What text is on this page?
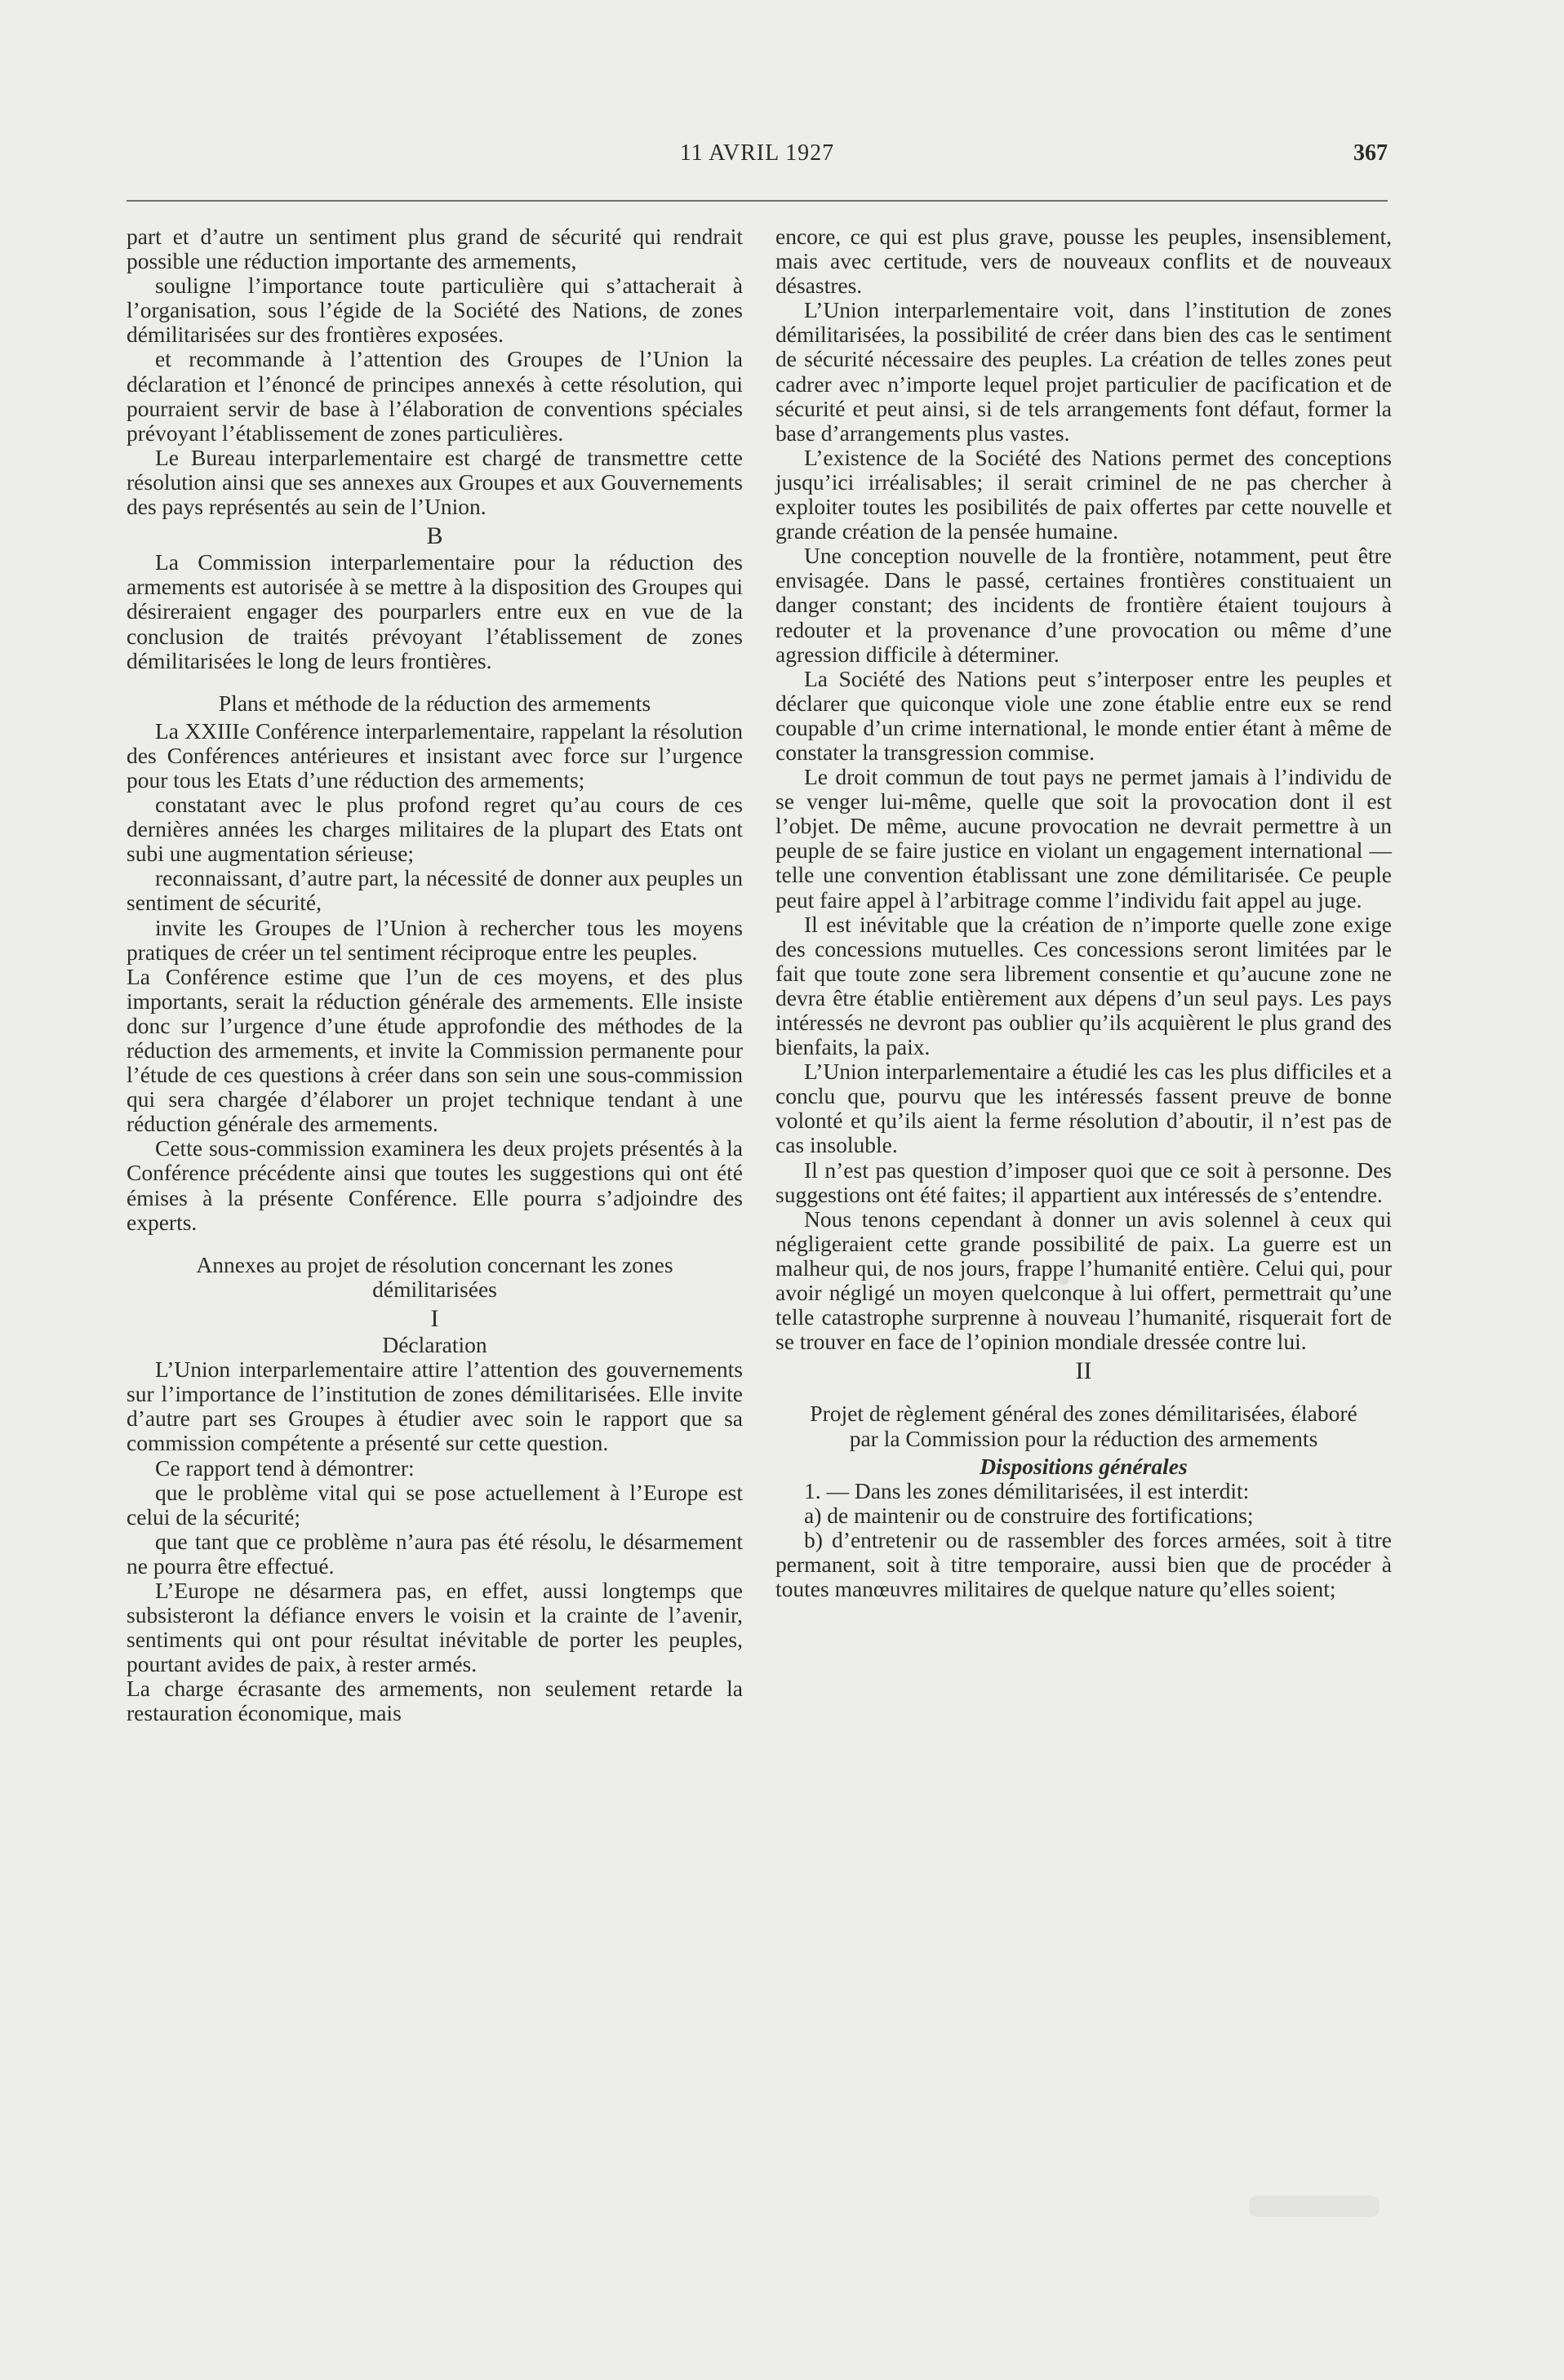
11 AVRIL 1927	367

part et d’autre un sentiment plus grand de sécurité qui rendrait possible une réduction importante des armements,

souligne l’importance toute particulière qui s’attacherait à l’organisation, sous l’égide de la Société des Nations, de zones démilitarisées sur des frontières exposées.

et recommande à l’attention des Groupes de l’Union la déclaration et l’énoncé de principes annexés à cette résolution, qui pourraient servir de base à l’élaboration de conventions spéciales prévoyant l’établissement de zones particulières.

Le Bureau interparlementaire est chargé de transmettre cette résolution ainsi que ses annexes aux Groupes et aux Gouvernements des pays représentés au sein de l’Union.

B

La Commission interparlementaire pour la réduction des armements est autorisée à se mettre à la disposition des Groupes qui désireraient engager des pourparlers entre eux en vue de la conclusion de traités prévoyant l’établissement de zones démilitarisées le long de leurs frontières.

Plans et méthode de la réduction des armements

La XXIIIe Conférence interparlementaire, rappelant la résolution des Conférences antérieures et insistant avec force sur l’urgence pour tous les Etats d’une réduction des armements;

constatant avec le plus profond regret qu’au cours de ces dernières années les charges militaires de la plupart des Etats ont subi une augmentation sérieuse;

reconnaissant, d’autre part, la nécessité de donner aux peuples un sentiment de sécurité,

invite les Groupes de l’Union à rechercher tous les moyens pratiques de créer un tel sentiment réciproque entre les peuples.

La Conférence estime que l’un de ces moyens, et des plus importants, serait la réduction générale des armements. Elle insiste donc sur l’urgence d’une étude approfondie des méthodes de la réduction des armements, et invite la Commission permanente pour l’étude de ces questions à créer dans son sein une sous-commission qui sera chargée d’élaborer un projet technique tendant à une réduction générale des armements.

Cette sous-commission examinera les deux projets présentés à la Conférence précédente ainsi que toutes les suggestions qui ont été émises à la présente Conférence. Elle pourra s’adjoindre des experts.

Annexes au projet de résolution concernant les zones démilitarisées

I

Déclaration

L’Union interparlementaire attire l’attention des gouvernements sur l’importance de l’institution de zones démilitarisées. Elle invite d’autre part ses Groupes à étudier avec soin le rapport que sa commission compétente a présenté sur cette question.

Ce rapport tend à démontrer:

que le problème vital qui se pose actuellement à l’Europe est celui de la sécurité;

que tant que ce problème n’aura pas été résolu, le désarmement ne pourra être effectué.

L’Europe ne désarmera pas, en effet, aussi longtemps que subsisteront la défiance envers le voisin et la crainte de l’avenir, sentiments qui ont pour résultat inévitable de porter les peuples, pourtant avides de paix, à rester armés.

La charge écrasante des armements, non seulement retarde la restauration économique, mais

encore, ce qui est plus grave, pousse les peuples, insensiblement, mais avec certitude, vers de nouveaux conflits et de nouveaux désastres.

L’Union interparlementaire voit, dans l’institution de zones démilitarisées, la possibilité de créer dans bien des cas le sentiment de sécurité nécessaire des peuples. La création de telles zones peut cadrer avec n’importe lequel projet particulier de pacification et de sécurité et peut ainsi, si de tels arrangements font défaut, former la base d’arrangements plus vastes.

L’existence de la Société des Nations permet des conceptions jusqu’ici irréalisables; il serait criminel de ne pas chercher à exploiter toutes les posibilités de paix offertes par cette nouvelle et grande création de la pensée humaine.

Une conception nouvelle de la frontière, notamment, peut être envisagée. Dans le passé, certaines frontières constituaient un danger constant; des incidents de frontière étaient toujours à redouter et la provenance d’une provocation ou même d’une agression difficile à déterminer.

La Société des Nations peut s’interposer entre les peuples et déclarer que quiconque viole une zone établie entre eux se rend coupable d’un crime international, le monde entier étant à même de constater la transgression commise.

Le droit commun de tout pays ne permet jamais à l’individu de se venger lui-même, quelle que soit la provocation dont il est l’objet. De même, aucune provocation ne devrait permettre à un peuple de se faire justice en violant un engagement international — telle une convention établissant une zone démilitarisée. Ce peuple peut faire appel à l’arbitrage comme l’individu fait appel au juge.

Il est inévitable que la création de n’importe quelle zone exige des concessions mutuelles. Ces concessions seront limitées par le fait que toute zone sera librement consentie et qu’aucune zone ne devra être établie entièrement aux dépens d’un seul pays. Les pays intéressés ne devront pas oublier qu’ils acquièrent le plus grand des bienfaits, la paix.

L’Union interparlementaire a étudié les cas les plus difficiles et a conclu que, pourvu que les intéressés fassent preuve de bonne volonté et qu’ils aient la ferme résolution d’aboutir, il n’est pas de cas insoluble.

Il n’est pas question d’imposer quoi que ce soit à personne. Des suggestions ont été faites; il appartient aux intéressés de s’entendre.

Nous tenons cependant à donner un avis solennel à ceux qui négligeraient cette grande possibilité de paix. La guerre est un malheur qui, de nos jours, frappe l’humanité entière. Celui qui, pour avoir négligé un moyen quelconque à lui offert, permettrait qu’une telle catastrophe surprenne à nouveau l’humanité, risquerait fort de se trouver en face de l’opinion mondiale dressée contre lui.

II

Projet de règlement général des zones démilitarisées, élaboré par la Commission pour la réduction des armements

Dispositions générales

1. — Dans les zones démilitarisées, il est interdit:

a) de maintenir ou de construire des fortifications;

b) d’entretenir ou de rassembler des forces armées, soit à titre permanent, soit à titre temporaire, aussi bien que de procéder à toutes manœuvres militaires de quelque nature qu’elles soient;
